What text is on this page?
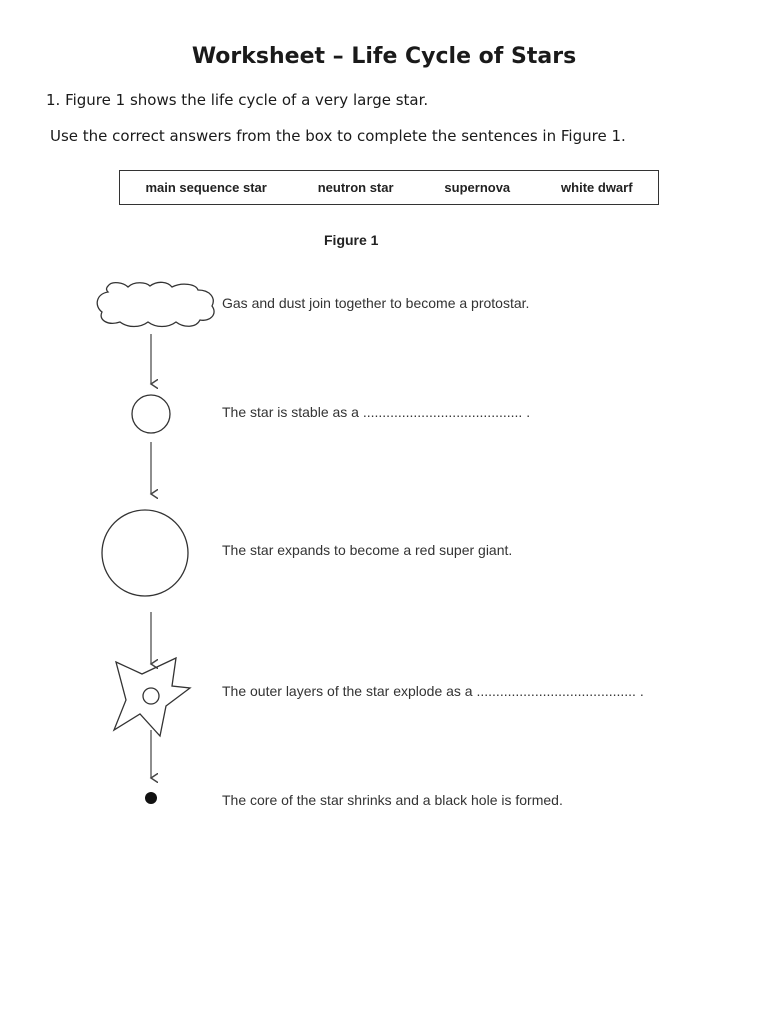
Worksheet – Life Cycle of Stars

1. Figure 1 shows the life cycle of a very large star.

Use the correct answers from the box to complete the sentences in Figure 1.

main sequence star	neutron star	supernova	white dwarf

Figure 1

Gas and dust join together to become a protostar.

The star is stable as a ......................................... .

The star expands to become a red super giant.

The outer layers of the star explode as a ......................................... .

The core of the star shrinks and a black hole is formed.
